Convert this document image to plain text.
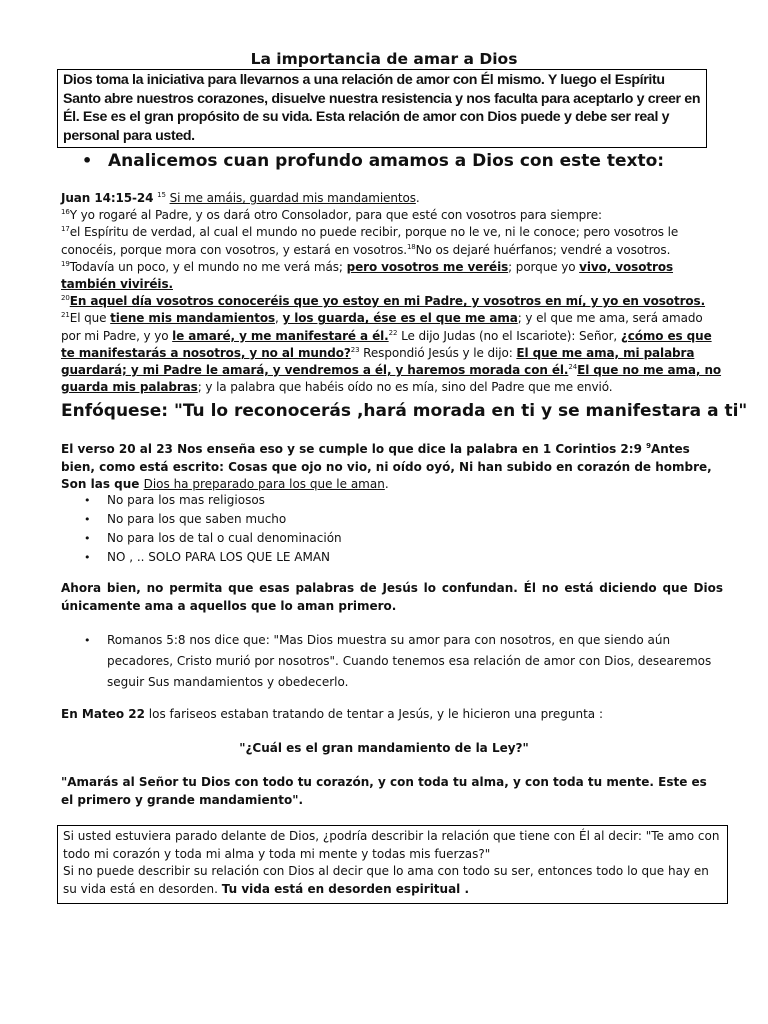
La importancia de amar a Dios
Dios toma la iniciativa para llevarnos a una relación de amor con Él mismo. Y luego el Espíritu Santo abre nuestros corazones, disuelve nuestra resistencia y nos faculta para aceptarlo y creer en Él. Ese es el gran propósito de su vida. Esta relación de amor con Dios puede y debe ser real y personal para usted.
• Analicemos cuan profundo amamos a Dios con este texto:
Juan 14:15-24 $^{15}$ Si me amáis, guardad mis mandamientos.
$^{16}$Y yo rogaré al Padre, y os dará otro Consolador, para que esté con vosotros para siempre:
$^{17}$el Espíritu de verdad, al cual el mundo no puede recibir, porque no le ve, ni le conoce; pero vosotros le conocéis, porque mora con vosotros, y estará en vosotros.$^{18}$No os dejaré huérfanos; vendré a vosotros.
$^{19}$Todavía un poco, y el mundo no me verá más; pero vosotros me veréis; porque yo vivo, vosotros también viviréis.
$^{20}$En aquel día vosotros conoceréis que yo estoy en mi Padre, y vosotros en mí, y yo en vosotros.
$^{21}$El que tiene mis mandamientos, y los guarda, ése es el que me ama; y el que me ama, será amado por mi Padre, y yo le amaré, y me manifestaré a él.$^{22}$ Le dijo Judas (no el Iscariote): Señor, ¿cómo es que te manifestarás a nosotros, y no al mundo?$^{23}$ Respondió Jesús y le dijo: El que me ama, mi palabra guardará; y mi Padre le amará, y vendremos a él, y haremos morada con él.$^{24}$El que no me ama, no guarda mis palabras; y la palabra que habéis oído no es mía, sino del Padre que me envió.
Enfóquese: "Tu lo reconocerás ,hará morada en ti y se manifestara a ti"
El verso 20 al 23 Nos enseña eso y se cumple lo que dice la palabra en 1 Corintios 2:9 $^9$Antes bien, como está escrito: Cosas que ojo no vio, ni oído oyó, Ni han subido en corazón de hombre, Son las que Dios ha preparado para los que le aman.
• No para los mas religiosos
• No para los que saben mucho
• No para los de tal o cual denominación
• NO , .. SOLO PARA LOS QUE LE AMAN
Ahora bien, no permita que esas palabras de Jesús lo confundan. Él no está diciendo que Dios únicamente ama a aquellos que lo aman primero.
• Romanos 5:8 nos dice que: "Mas Dios muestra su amor para con nosotros, en que siendo aún pecadores, Cristo murió por nosotros". Cuando tenemos esa relación de amor con Dios, desearemos seguir Sus mandamientos y obedecerlo.
En Mateo 22 los fariseos estaban tratando de tentar a Jesús, y le hicieron una pregunta :
"¿Cuál es el gran mandamiento de la Ley?"
"Amarás al Señor tu Dios con todo tu corazón, y con toda tu alma, y con toda tu mente. Este es el primero y grande mandamiento".
Si usted estuviera parado delante de Dios, ¿podría describir la relación que tiene con Él al decir: "Te amo con todo mi corazón y toda mi alma y toda mi mente y todas mis fuerzas?"
Si no puede describir su relación con Dios al decir que lo ama con todo su ser, entonces todo lo que hay en su vida está en desorden. Tu vida está en desorden espiritual .
